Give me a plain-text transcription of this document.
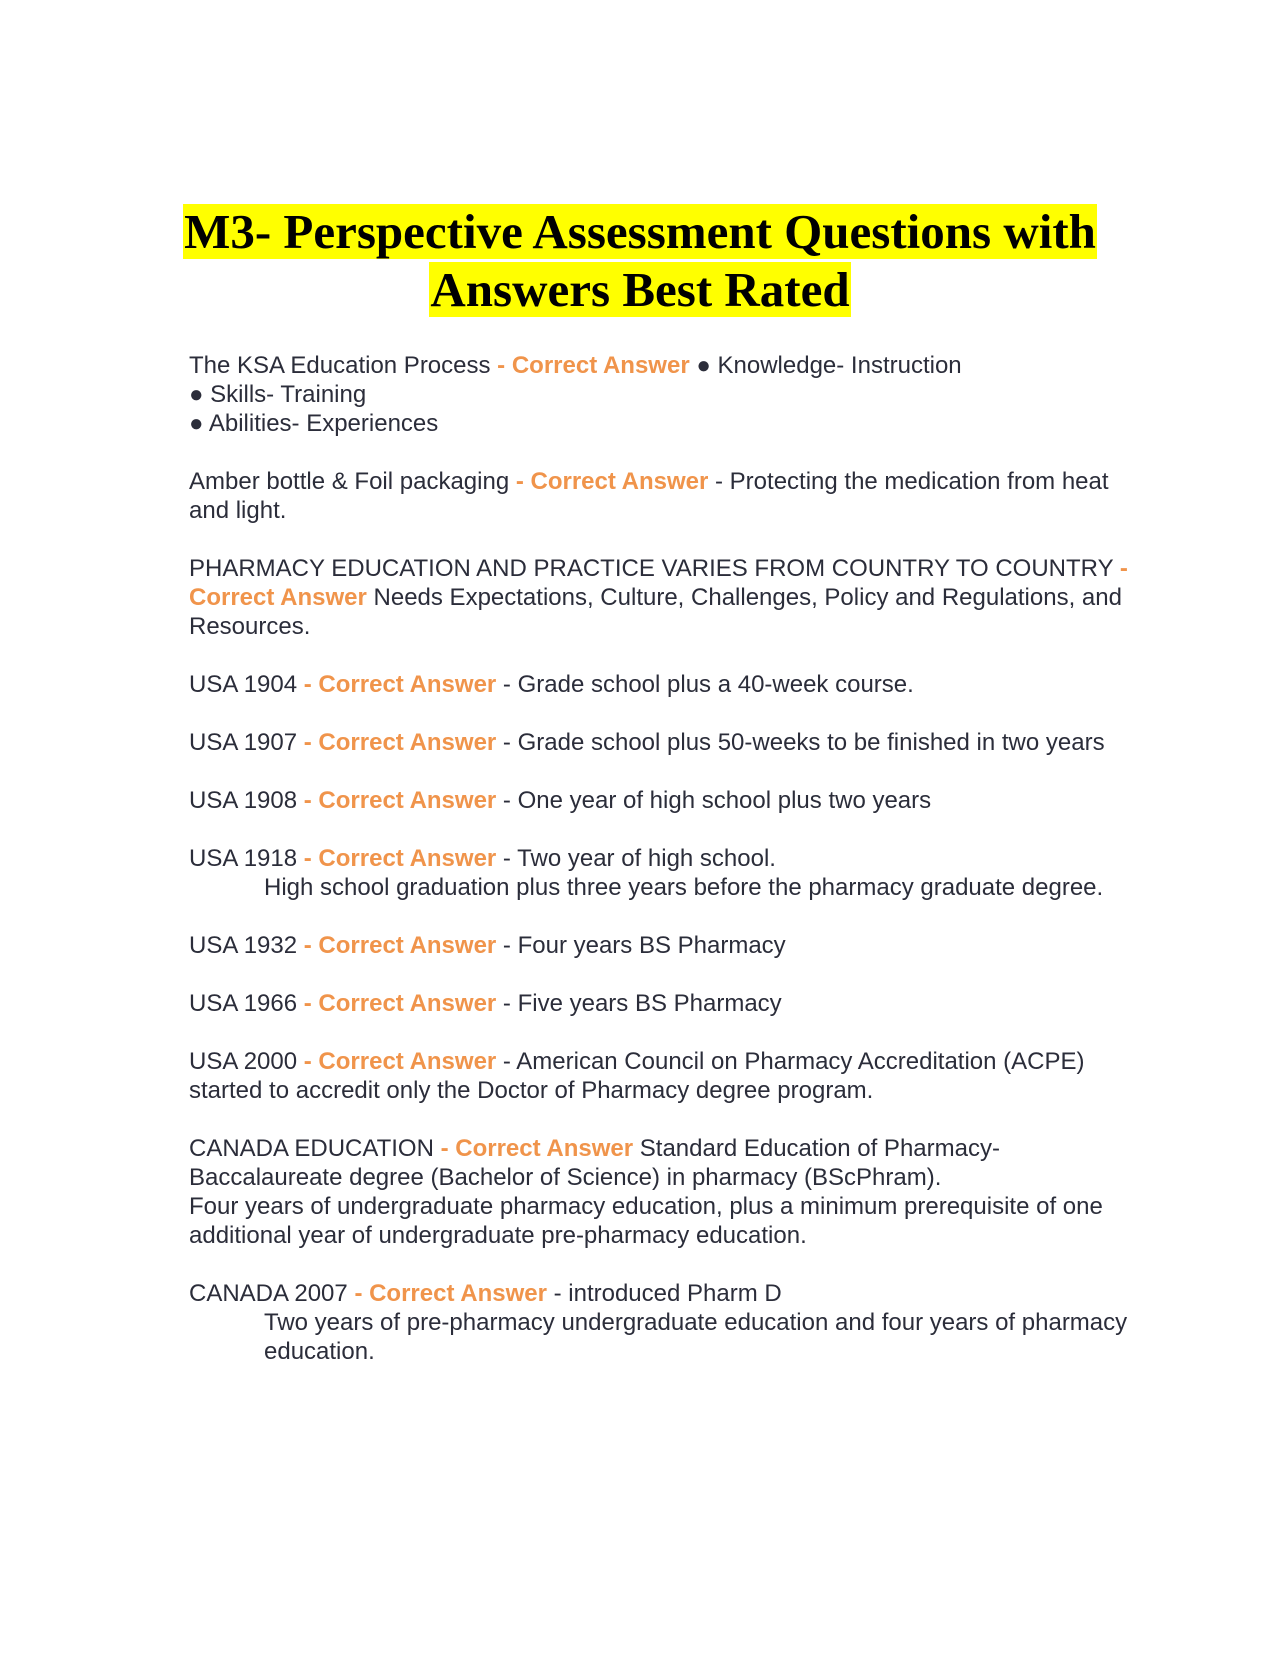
M3- Perspective Assessment Questions with
Answers Best Rated
The KSA Education Process - Correct Answer ● Knowledge- Instruction
● Skills- Training
● Abilities- Experiences
Amber bottle & Foil packaging - Correct Answer - Protecting the medication from heat and light.
PHARMACY EDUCATION AND PRACTICE VARIES FROM COUNTRY TO COUNTRY - Correct Answer Needs Expectations, Culture, Challenges, Policy and Regulations, and Resources.
USA 1904 - Correct Answer - Grade school plus a 40-week course.
USA 1907 - Correct Answer - Grade school plus 50-weeks to be finished in two years
USA 1908 - Correct Answer - One year of high school plus two years
USA 1918 - Correct Answer - Two year of high school.
High school graduation plus three years before the pharmacy graduate degree.
USA 1932 - Correct Answer - Four years BS Pharmacy
USA 1966 - Correct Answer - Five years BS Pharmacy
USA 2000 - Correct Answer - American Council on Pharmacy Accreditation (ACPE) started to accredit only the Doctor of Pharmacy degree program.
CANADA EDUCATION - Correct Answer Standard Education of Pharmacy- Baccalaureate degree (Bachelor of Science) in pharmacy (BScPhram).
Four years of undergraduate pharmacy education, plus a minimum prerequisite of one additional year of undergraduate pre-pharmacy education.
CANADA 2007 - Correct Answer - introduced Pharm D
Two years of pre-pharmacy undergraduate education and four years of pharmacy education.
